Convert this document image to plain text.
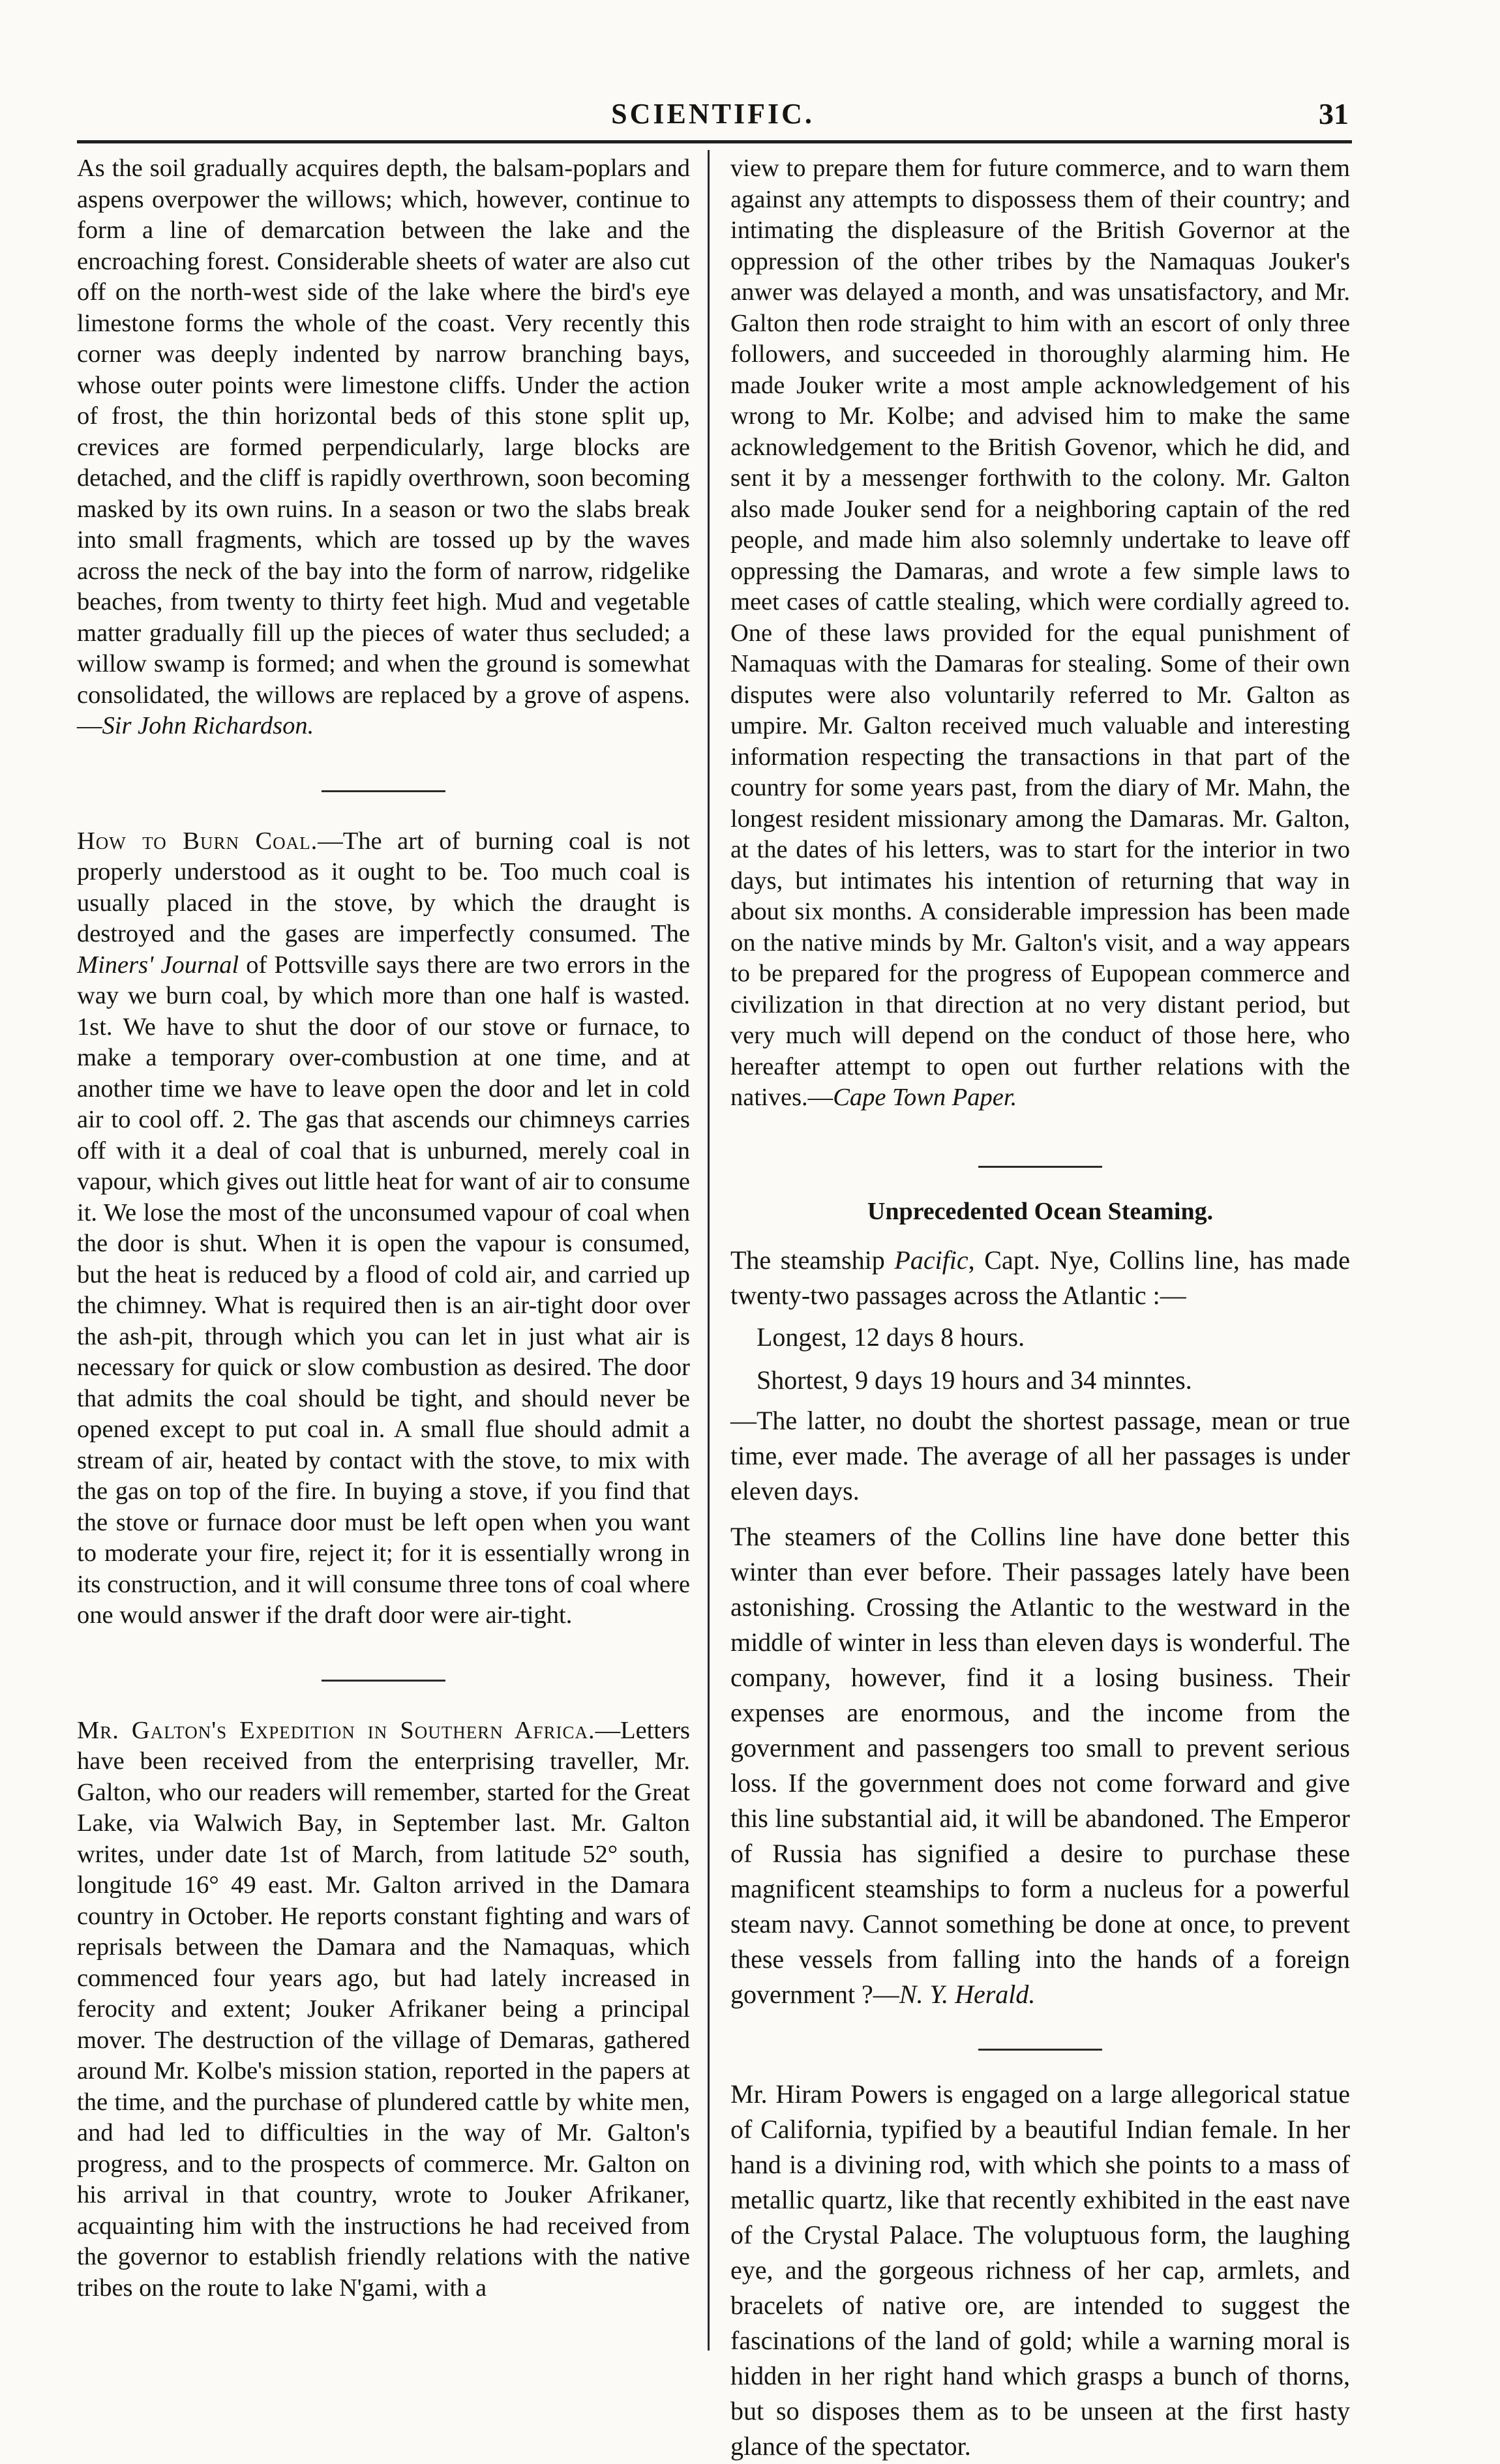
SCIENTIFIC.	31

As the soil gradually acquires depth, the balsam-poplars and aspens overpower the willows; which, however, continue to form a line of demarcation between the lake and the encroaching forest. Considerable sheets of water are also cut off on the north-west side of the lake where the bird's eye limestone forms the whole of the coast. Very recently this corner was deeply indented by narrow branching bays, whose outer points were limestone cliffs. Under the action of frost, the thin horizontal beds of this stone split up, crevices are formed perpendicularly, large blocks are detached, and the cliff is rapidly overthrown, soon becoming masked by its own ruins. In a season or two the slabs break into small fragments, which are tossed up by the waves across the neck of the bay into the form of narrow, ridgelike beaches, from twenty to thirty feet high. Mud and vegetable matter gradually fill up the pieces of water thus secluded; a willow swamp is formed; and when the ground is somewhat consolidated, the willows are replaced by a grove of aspens.—Sir John Richardson.

How to Burn Coal.—The art of burning coal is not properly understood as it ought to be. Too much coal is usually placed in the stove, by which the draught is destroyed and the gases are imperfectly consumed. The Miners' Journal of Pottsville says there are two errors in the way we burn coal, by which more than one half is wasted. 1st. We have to shut the door of our stove or furnace, to make a temporary over-combustion at one time, and at another time we have to leave open the door and let in cold air to cool off. 2. The gas that ascends our chimneys carries off with it a deal of coal that is unburned, merely coal in vapour, which gives out little heat for want of air to consume it. We lose the most of the unconsumed vapour of coal when the door is shut. When it is open the vapour is consumed, but the heat is reduced by a flood of cold air, and carried up the chimney. What is required then is an air-tight door over the ash-pit, through which you can let in just what air is necessary for quick or slow combustion as desired. The door that admits the coal should be tight, and should never be opened except to put coal in. A small flue should admit a stream of air, heated by contact with the stove, to mix with the gas on top of the fire. In buying a stove, if you find that the stove or furnace door must be left open when you want to moderate your fire, reject it; for it is essentially wrong in its construction, and it will consume three tons of coal where one would answer if the draft door were air-tight.

Mr. Galton's Expedition in Southern Africa.—Letters have been received from the enterprising traveller, Mr. Galton, who our readers will remember, started for the Great Lake, via Walwich Bay, in September last. Mr. Galton writes, under date 1st of March, from latitude 52° south, longitude 16° 49 east. Mr. Galton arrived in the Damara country in October. He reports constant fighting and wars of reprisals between the Damara and the Namaquas, which commenced four years ago, but had lately increased in ferocity and extent; Jouker Afrikaner being a principal mover. The destruction of the village of Demaras, gathered around Mr. Kolbe's mission station, reported in the papers at the time, and the purchase of plundered cattle by white men, and had led to difficulties in the way of Mr. Galton's progress, and to the prospects of commerce. Mr. Galton on his arrival in that country, wrote to Jouker Afrikaner, acquainting him with the instructions he had received from the governor to establish friendly relations with the native tribes on the route to lake N'gami, with a

view to prepare them for future commerce, and to warn them against any attempts to dispossess them of their country; and intimating the displeasure of the British Governor at the oppression of the other tribes by the Namaquas Jouker's anwer was delayed a month, and was unsatisfactory, and Mr. Galton then rode straight to him with an escort of only three followers, and succeeded in thoroughly alarming him. He made Jouker write a most ample acknowledgement of his wrong to Mr. Kolbe; and advised him to make the same acknowledgement to the British Govenor, which he did, and sent it by a messenger forthwith to the colony. Mr. Galton also made Jouker send for a neighboring captain of the red people, and made him also solemnly undertake to leave off oppressing the Damaras, and wrote a few simple laws to meet cases of cattle stealing, which were cordially agreed to. One of these laws provided for the equal punishment of Namaquas with the Damaras for stealing. Some of their own disputes were also voluntarily referred to Mr. Galton as umpire. Mr. Galton received much valuable and interesting information respecting the transactions in that part of the country for some years past, from the diary of Mr. Mahn, the longest resident missionary among the Damaras. Mr. Galton, at the dates of his letters, was to start for the interior in two days, but intimates his intention of returning that way in about six months. A considerable impression has been made on the native minds by Mr. Galton's visit, and a way appears to be prepared for the progress of Eupopean commerce and civilization in that direction at no very distant period, but very much will depend on the conduct of those here, who hereafter attempt to open out further relations with the natives.—Cape Town Paper.

Unprecedented Ocean Steaming.

The steamship Pacific, Capt. Nye, Collins line, has made twenty-two passages across the Atlantic :—

Longest, 12 days 8 hours.

Shortest, 9 days 19 hours and 34 minntes.

—The latter, no doubt the shortest passage, mean or true time, ever made. The average of all her passages is under eleven days.

The steamers of the Collins line have done better this winter than ever before. Their passages lately have been astonishing. Crossing the Atlantic to the westward in the middle of winter in less than eleven days is wonderful. The company, however, find it a losing business. Their expenses are enormous, and the income from the government and passengers too small to prevent serious loss. If the government does not come forward and give this line substantial aid, it will be abandoned. The Emperor of Russia has signified a desire to purchase these magnificent steamships to form a nucleus for a powerful steam navy. Cannot something be done at once, to prevent these vessels from falling into the hands of a foreign government ?—N. Y. Herald.

Mr. Hiram Powers is engaged on a large allegorical statue of California, typified by a beautiful Indian female. In her hand is a divining rod, with which she points to a mass of metallic quartz, like that recently exhibited in the east nave of the Crystal Palace. The voluptuous form, the laughing eye, and the gorgeous richness of her cap, armlets, and bracelets of native ore, are intended to suggest the fascinations of the land of gold; while a warning moral is hidden in her right hand which grasps a bunch of thorns, but so disposes them as to be unseen at the first hasty glance of the spectator.
